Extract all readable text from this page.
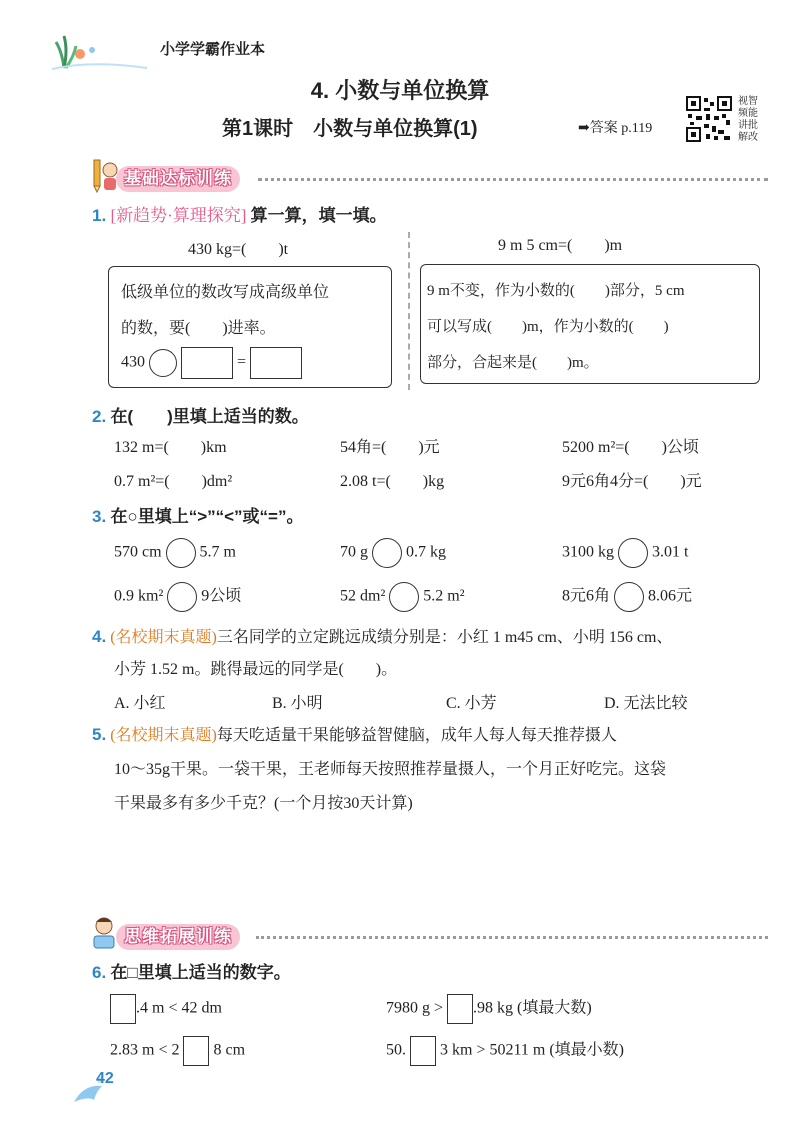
小学学霸作业本
4. 小数与单位换算
第1课时　小数与单位换算(1)	➡答案 p.119
视智
频能
讲批
解改
基础达标训练
1. [新趋势·算理探究] 算一算，填一填。
430 kg=(　　)t	9 m 5 cm=(　　)m
低级单位的数改写成高级单位
的数，要(　　)进率。
430	=
9 m不变，作为小数的(　　)部分，5 cm
可以写成(　　)m，作为小数的(　　)
部分，合起来是(　　)m。
2. 在(　　)里填上适当的数。
132 m=(　　)km	54角=(　　)元	5200 m²=(　　)公顷
0.7 m²=(　　)dm²	2.08 t=(　　)kg	9元6角4分=(　　)元
3. 在○里填上“>”“<”或“=”。
570 cm 5.7 m	70 g 0.7 kg	3100 kg 3.01 t
0.9 km² 9公顷	52 dm² 5.2 m²	8元6角 8.06元
4. (名校期末真题)三名同学的立定跳远成绩分别是：小红 1 m45 cm、小明 156 cm、
小芳 1.52 m。跳得最远的同学是(　　)。
A. 小红	B. 小明	C. 小芳	D. 无法比较
5. (名校期末真题)每天吃适量干果能够益智健脑，成年人每人每天推荐摄人
10～35g干果。一袋干果，王老师每天按照推荐量摄人，一个月正好吃完。这袋
干果最多有多少千克？(一个月按30天计算)
思维拓展训练
6. 在□里填上适当的数字。
.4 m < 42 dm	7980 g > .98 kg (填最大数)
2.83 m < 2 8 cm	50. 3 km > 50211 m (填最小数)
42
